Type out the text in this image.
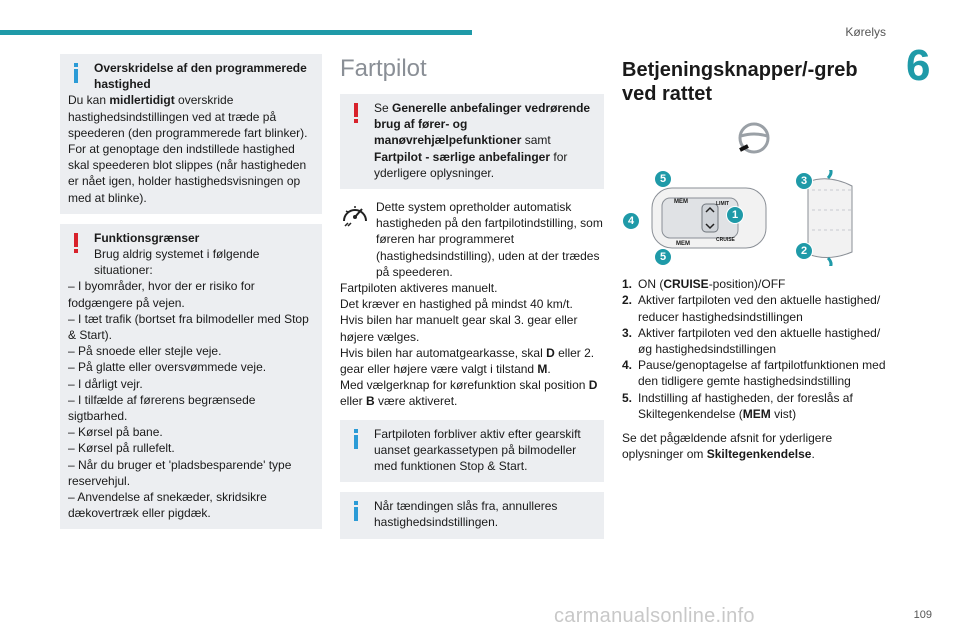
Kørelys
6

Overskridelse af den programmerede hastighed

Du kan midlertidigt overskride hastighedsindstillingen ved at træde på speederen (den programmerede fart blinker).

For at genoptage den indstillede hastighed skal speederen blot slippes (når hastigheden er nået igen, holder hastighedsvisningen op med at blinke).

Funktionsgrænser

Brug aldrig systemet i følgende situationer:

– I byområder, hvor der er risiko for fodgængere på vejen.

– I tæt trafik (bortset fra bilmodeller med Stop & Start).

– På snoede eller stejle veje.

– På glatte eller oversvømmede veje.

– I dårligt vejr.

– I tilfælde af førerens begrænsede sigtbarhed.

– Kørsel på bane.

– Kørsel på rullefelt.

– Når du bruger et 'pladsbesparende' type reservehjul.

– Anvendelse af snekæder, skridsikre dækovertræk eller pigdæk.

Fartpilot

Se Generelle anbefalinger vedrørende brug af fører- og manøvrehjælpefunktioner samt Fartpilot - særlige anbefalinger for yderligere oplysninger.

Dette system opretholder automatisk hastigheden på den fartpilotindstilling, som føreren har programmeret (hastighedsindstilling), uden at der trædes på speederen.

Fartpiloten aktiveres manuelt.

Det kræver en hastighed på mindst 40 km/t.

Hvis bilen har manuelt gear skal 3. gear eller højere vælges.

Hvis bilen har automatgearkasse, skal D eller 2. gear eller højere være valgt i tilstand M.

Med vælgerknap for kørefunktion skal position D eller B være aktiveret.

Fartpiloten forbliver aktiv efter gearskift uanset gearkassetypen på bilmodeller med funktionen Stop & Start.

Når tændingen slås fra, annulleres hastighedsindstillingen.

Betjeningsknapper/-greb ved rattet
MEM
MEM
LIMIT
CRUISE
1
2
3
4
5
5
1. ON (CRUISE-position)/OFF
2. Aktiver fartpiloten ved den aktuelle hastighed/ reducer hastighedsindstillingen
3. Aktiver fartpiloten ved den aktuelle hastighed/ øg hastighedsindstillingen
4. Pause/genoptagelse af fartpilotfunktionen med den tidligere gemte hastighedsindstilling
5. Indstilling af hastigheden, der foreslås af Skiltegenkendelse (MEM vist)

Se det pågældende afsnit for yderligere oplysninger om Skiltegenkendelse.

carmanualsonline.info	109
